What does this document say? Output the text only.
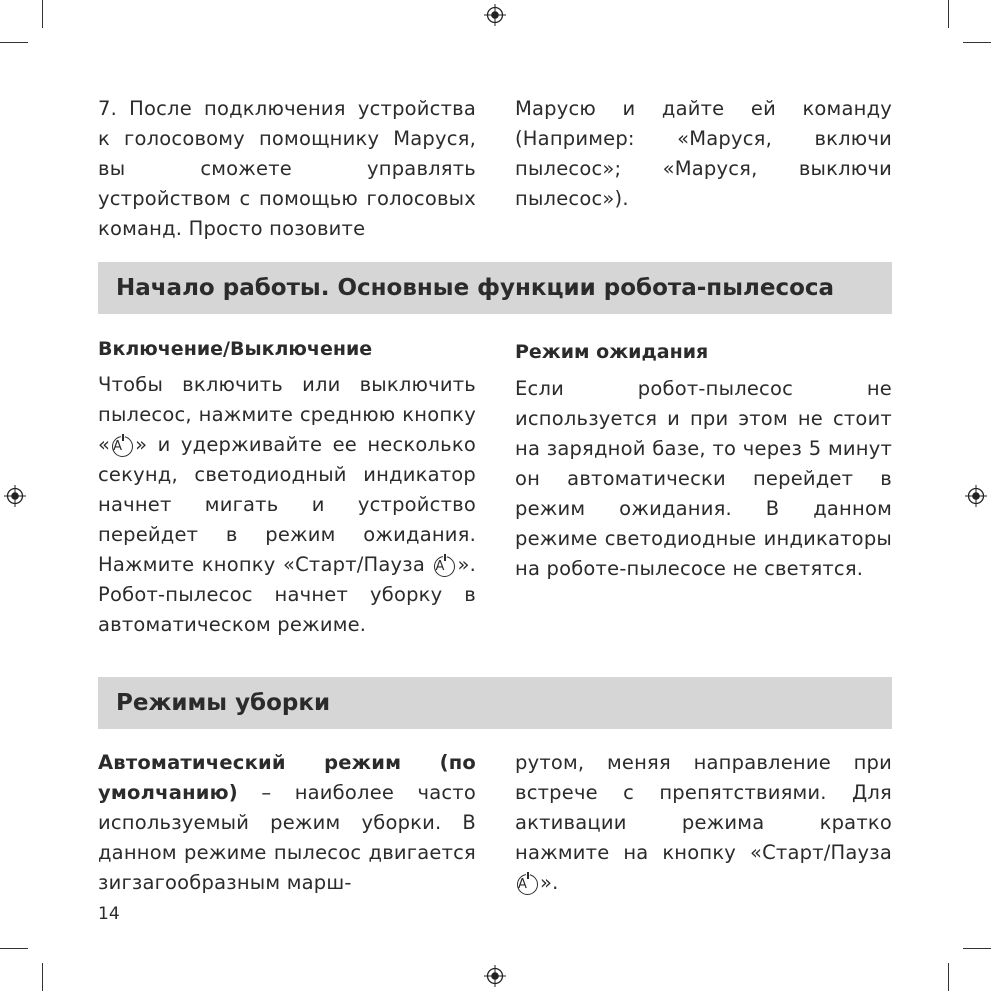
7. После подключения устройства к голосовому помощнику Маруся, вы сможете управлять устройством с помощью голосовых команд. Просто позовите

Марусю и дайте ей команду (Например: «Маруся, включи пылесос»; «Маруся, выключи пылесос»).

Начало работы. Основные функции робота-пылесоса
Включение/Выключение

Чтобы включить или выключить пылесос, нажмите среднюю кнопку « A » и удерживайте ее несколько секунд, светодиодный индикатор начнет мигать и устройство перейдет в режим ожидания. Нажмите кнопку «Старт/Пауза A ». Робот-пылесос начнет уборку в автоматическом режиме.

Режим ожидания

Если робот-пылесос не используется и при этом не стоит на зарядной базе, то через 5 минут он автоматически перейдет в режим ожидания. В данном режиме светодиодные индикаторы на роботе-пылесосе не светятся.

Режимы уборки

Автоматический режим (по умолчанию) – наиболее часто используемый режим уборки. В данном режиме пылесос двигается зигзагообразным марш-

рутом, меняя направление при встрече с препятствиями. Для активации режима кратко нажмите на кнопку «Старт/Пауза A ».

14
